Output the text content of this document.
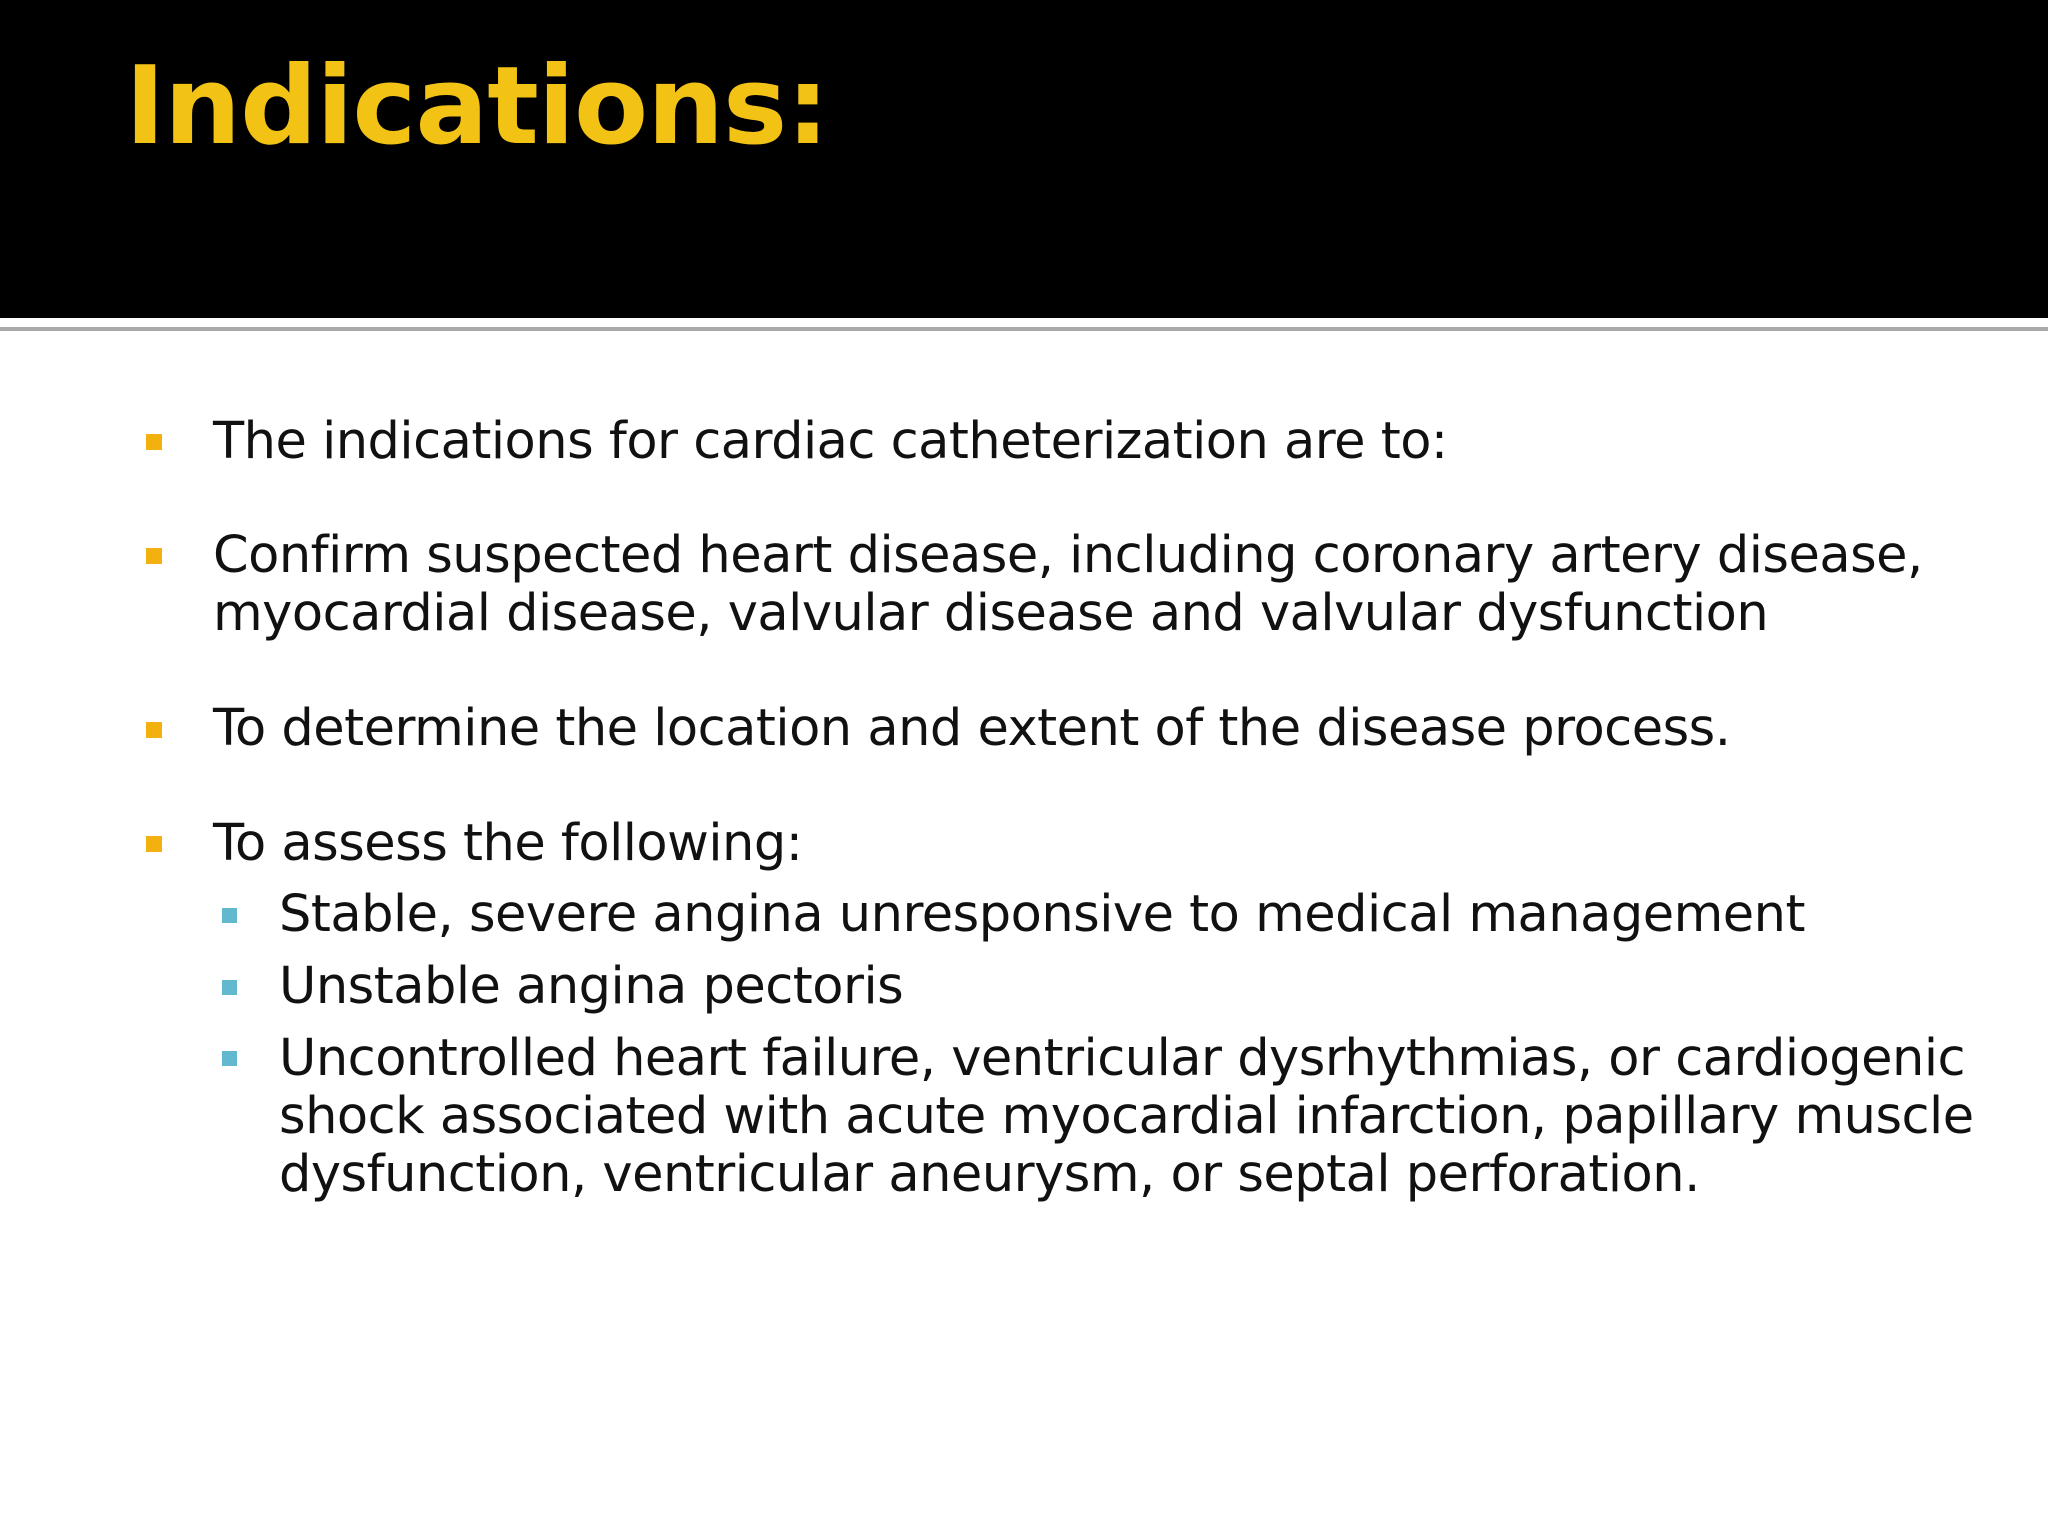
Indications:
The indications for cardiac catheterization are to:
Confirm suspected heart disease, including coronary artery disease, myocardial disease, valvular disease and valvular dysfunction
To determine the location and extent of the disease process.
To assess the following:
Stable, severe angina unresponsive to medical management
Unstable angina pectoris
Uncontrolled heart failure, ventricular dysrhythmias, or cardiogenic shock associated with acute myocardial infarction, papillary muscle dysfunction, ventricular aneurysm, or septal perforation.
